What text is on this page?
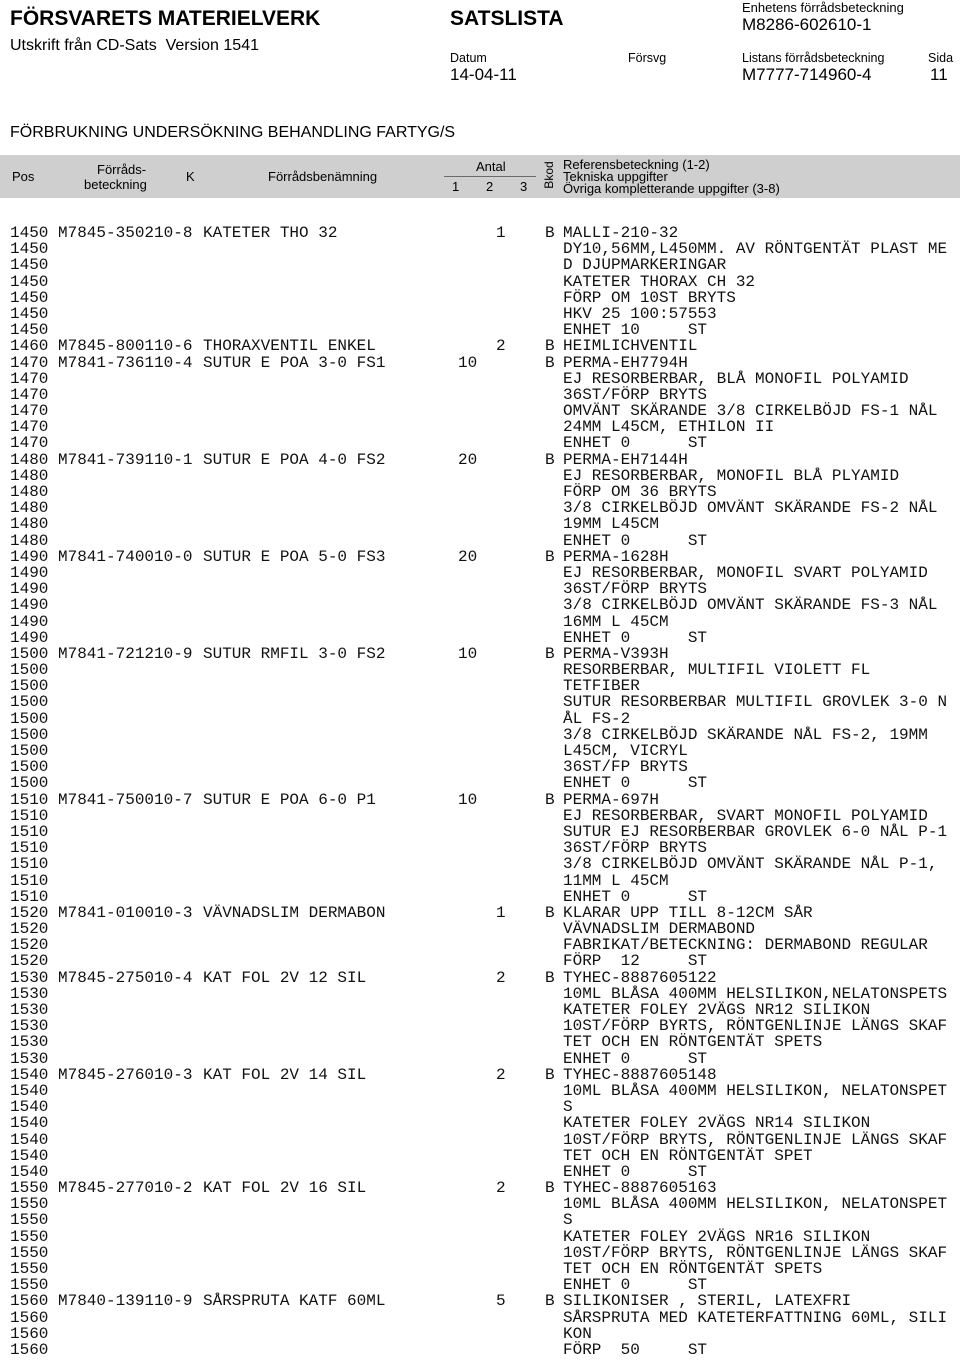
FÖRSVARETS MATERIELVERK	SATSLISTA	Enhetens förrådsbeteckning
M8286-602610-1
Utskrift från CD-Sats  Version 1541
Datum	Försvg	Listans förrådsbeteckning	Sida
14-04-11	M7777-714960-4	11
FÖRBRUKNING UNDERSÖKNING BEHANDLING FARTYG/S
Pos	Förråds-
beteckning
K	Förrådsbenämning
Antal
1 2 3 Bkod Referensbeteckning (1-2)
Tekniska uppgifter
Övriga kompletterande uppgifter (3-8)
1450 M7845-350210-8 KATETER THO 32	1 B MALLI-210-32
1450	DY10,56MM,L450MM. AV RÖNTGENTÄT PLAST ME
1450	D DJUPMARKERINGAR
1450	KATETER THORAX CH 32
1450	FÖRP OM 10ST BRYTS
1450	HKV 25 100:57553
1450	ENHET 10     ST
1460 M7845-800110-6 THORAXVENTIL ENKEL	2 B HEIMLICHVENTIL
1470 M7841-736110-4 SUTUR E POA 3-0 FS1	10	B PERMA-EH7794H
1470	EJ RESORBERBAR, BLÅ MONOFIL POLYAMID
1470	36ST/FÖRP BRYTS
1470	OMVÄNT SKÄRANDE 3/8 CIRKELBÖJD FS-1 NÅL
1470	24MM L45CM, ETHILON II
1470	ENHET 0      ST
1480 M7841-739110-1 SUTUR E POA 4-0 FS2	20	B PERMA-EH7144H
1480	EJ RESORBERBAR, MONOFIL BLÅ PLYAMID
1480	FÖRP OM 36 BRYTS
1480	3/8 CIRKELBÖJD OMVÄNT SKÄRANDE FS-2 NÅL
1480	19MM L45CM
1480	ENHET 0      ST
1490 M7841-740010-0 SUTUR E POA 5-0 FS3	20	B PERMA-1628H
1490	EJ RESORBERBAR, MONOFIL SVART POLYAMID
1490	36ST/FÖRP BRYTS
1490	3/8 CIRKELBÖJD OMVÄNT SKÄRANDE FS-3 NÅL
1490	16MM L 45CM
1490	ENHET 0      ST
1500 M7841-721210-9 SUTUR RMFIL 3-0 FS2	10	B PERMA-V393H
1500	RESORBERBAR, MULTIFIL VIOLETT FL
1500	TETFIBER
1500	SUTUR RESORBERBAR MULTIFIL GROVLEK 3-0 N
1500	ÅL FS-2
1500	3/8 CIRKELBÖJD SKÄRANDE NÅL FS-2, 19MM
1500	L45CM, VICRYL
1500	36ST/FP BRYTS
1500	ENHET 0      ST
1510 M7841-750010-7 SUTUR E POA 6-0 P1	10	B PERMA-697H
1510	EJ RESORBERBAR, SVART MONOFIL POLYAMID
1510	SUTUR EJ RESORBERBAR GROVLEK 6-0 NÅL P-1
1510	36ST/FÖRP BRYTS
1510	3/8 CIRKELBÖJD OMVÄNT SKÄRANDE NÅL P-1,
1510	11MM L 45CM
1510	ENHET 0      ST
1520 M7841-010010-3 VÄVNADSLIM DERMABON	1 B KLARAR UPP TILL 8-12CM SÅR
1520	VÄVNADSLIM DERMABOND
1520	FABRIKAT/BETECKNING: DERMABOND REGULAR
1520	FÖRP  12     ST
1530 M7845-275010-4 KAT FOL 2V 12 SIL	2 B TYHEC-8887605122
1530	10ML BLÅSA 400MM HELSILIKON,NELATONSPETS
1530	KATETER FOLEY 2VÄGS NR12 SILIKON
1530	10ST/FÖRP BYRTS, RÖNTGENLINJE LÄNGS SKAF
1530	TET OCH EN RÖNTGENTÄT SPETS
1530	ENHET 0      ST
1540 M7845-276010-3 KAT FOL 2V 14 SIL	2 B TYHEC-8887605148
1540	10ML BLÅSA 400MM HELSILIKON, NELATONSPET
1540	S
1540	KATETER FOLEY 2VÄGS NR14 SILIKON
1540	10ST/FÖRP BRYTS, RÖNTGENLINJE LÄNGS SKAF
1540	TET OCH EN RÖNTGENTÄT SPET
1540	ENHET 0      ST
1550 M7845-277010-2 KAT FOL 2V 16 SIL	2 B TYHEC-8887605163
1550	10ML BLÅSA 400MM HELSILIKON, NELATONSPET
1550	S
1550	KATETER FOLEY 2VÄGS NR16 SILIKON
1550	10ST/FÖRP BRYTS, RÖNTGENLINJE LÄNGS SKAF
1550	TET OCH EN RÖNTGENTÄT SPETS
1550	ENHET 0      ST
1560 M7840-139110-9 SÅRSPRUTA KATF 60ML	5 B SILIKONISER , STERIL, LATEXFRI
1560	SÅRSPRUTA MED KATETERFATTNING 60ML, SILI
1560	KON
1560	FÖRP  50     ST
